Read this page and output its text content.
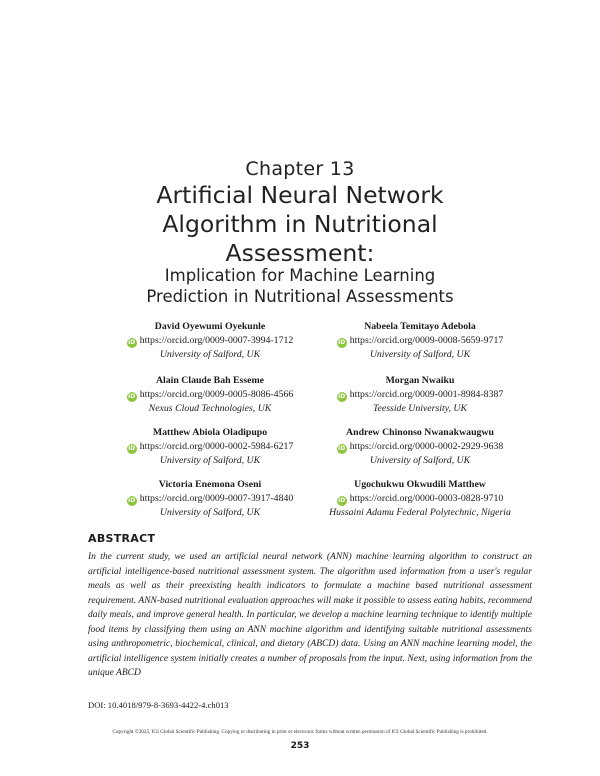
Chapter 13
Artificial Neural Network
Algorithm in Nutritional
Assessment:
Implication for Machine Learning
Prediction in Nutritional Assessments
David Oyewumi Oyekunle
iD https://orcid.org/0009-0007-3994-1712
University of Salford, UK
Nabeela Temitayo Adebola
iD https://orcid.org/0009-0008-5659-9717
University of Salford, UK
Alain Claude Bah Esseme
iD https://orcid.org/0009-0005-8086-4566
Nexus Cloud Technologies, UK
Morgan Nwaiku
iD https://orcid.org/0009-0001-8984-8387
Teesside University, UK
Matthew Abiola Oladipupo
iD https://orcid.org/0000-0002-5984-6217
University of Salford, UK
Andrew Chinonso Nwanakwaugwu
iD https://orcid.org/0000-0002-2929-9638
University of Salford, UK
Victoria Enemona Oseni
iD https://orcid.org/0009-0007-3917-4840
University of Salford, UK
Ugochukwu Okwudili Matthew
iD https://orcid.org/0000-0003-0828-9710
Hussaini Adamu Federal Polytechnic, Nigeria
ABSTRACT
In the current study, we used an artificial neural network (ANN) machine learning algorithm to construct an artificial intelligence-based nutritional assessment system. The algorithm used information from a user's regular meals as well as their preexisting health indicators to formulate a machine based nutritional assessment requirement. ANN-based nutritional evaluation approaches will make it possible to assess eating habits, recommend daily meals, and improve general health. In particular, we develop a machine learning technique to identify multiple food items by classifying them using an ANN machine algorithm and identifying suitable nutritional assessments using anthropometric, biochemical, clinical, and dietary (ABCD) data. Using an ANN machine learning model, the artificial intelligence system initially creates a number of proposals from the input. Next, using information from the unique ABCD
DOI: 10.4018/979-8-3693-4422-4.ch013
Copyright ©2025, IGI Global Scientific Publishing. Copying or distributing in print or electronic forms without written permission of IGI Global Scientific Publishing is prohibited.
253
